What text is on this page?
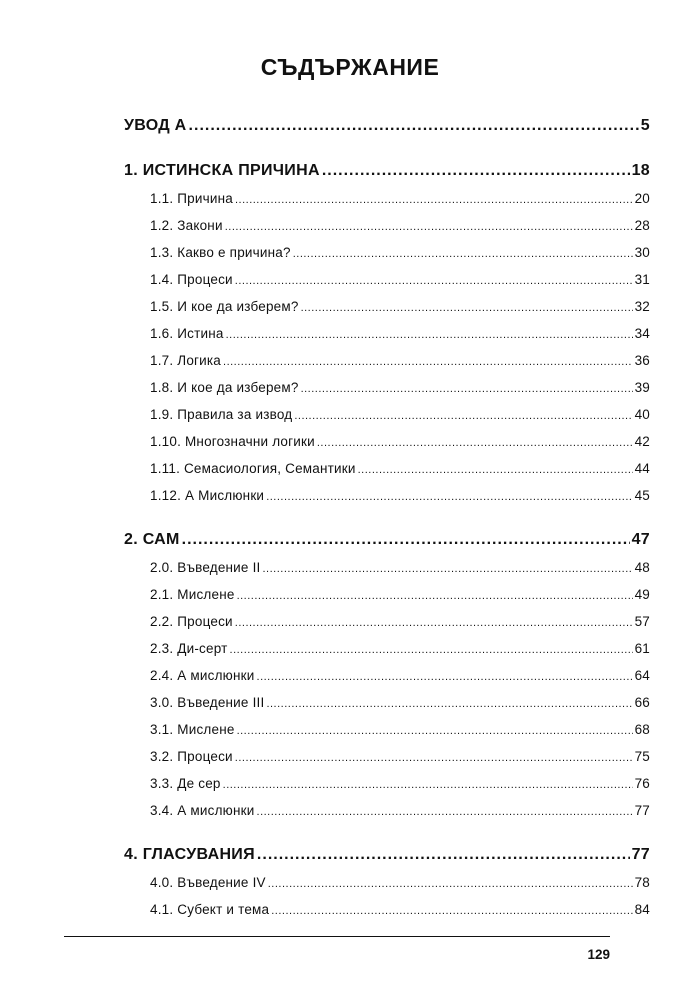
СЪДЪРЖАНИЕ
УВОД А .....	5
1. ИСТИНСКА ПРИЧИНА .....	18
1.1. Причина .....	20
1.2. Закони .....	28
1.3. Какво е причина? .....	30
1.4. Процеси .....	31
1.5. И кое да изберем? .....	32
1.6. Истина .....	34
1.7. Логика .....	36
1.8. И кое да изберем? .....	39
1.9. Правила за извод .....	40
1.10. Многозначни логики .....	42
1.11. Семасиология, Семантики .....	44
1.12. А Мислюнки .....	45
2. САМ .....	47
2.0. Въведение II .....	48
2.1. Мислене .....	49
2.2. Процеси .....	57
2.3. Ди-серт .....	61
2.4. А мислюнки .....	64
3.0. Въведение III .....	66
3.1. Мислене .....	68
3.2. Процеси .....	75
3.3. Де сер .....	76
3.4. А мислюнки .....	77
4. ГЛАСУВАНИЯ .....	77
4.0. Въведение IV .....	78
4.1. Субект и тема .....	84
129
